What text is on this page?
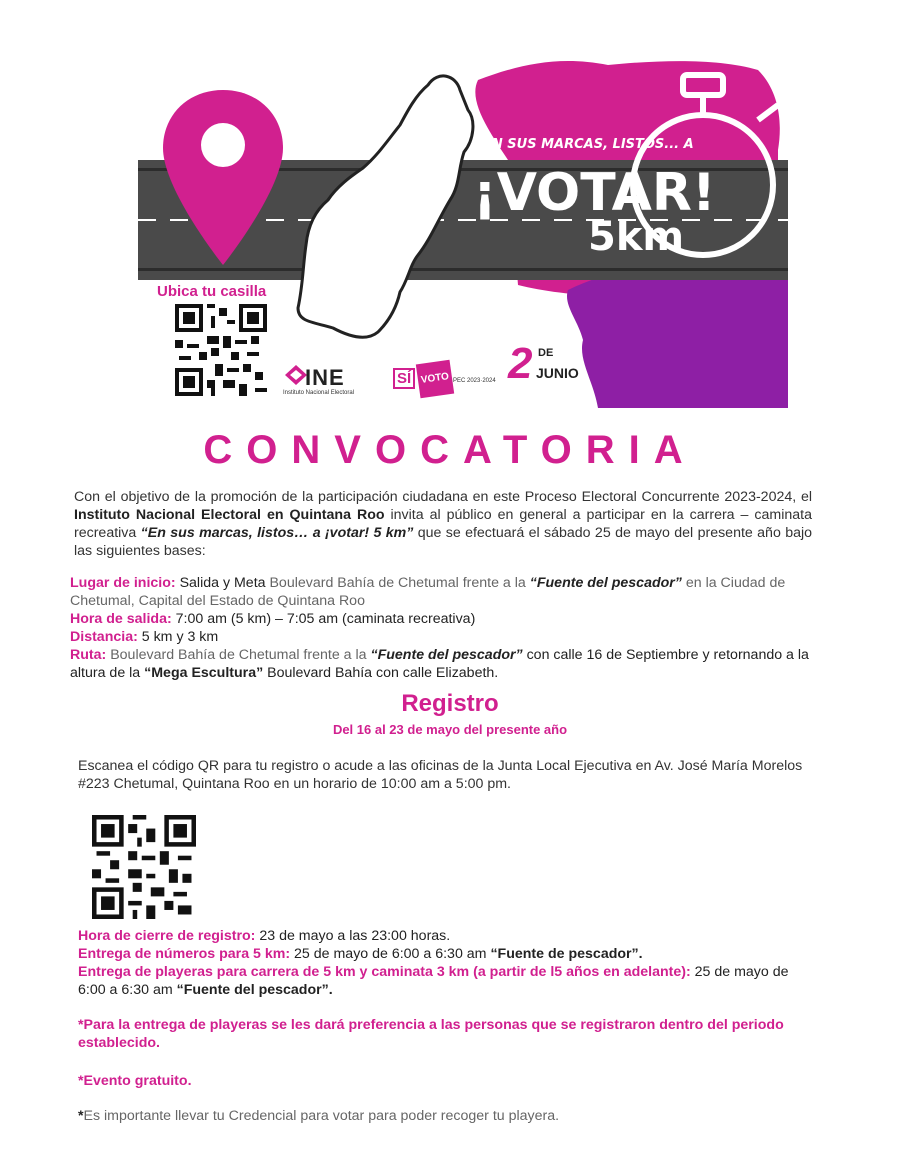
EN SUS MARCAS, LISTOS... A
¡VOTAR!
5km
Ubica tu casilla
INE
Instituto Nacional Electoral
SÍ VOTO PEC 2023·2024 2 DE
JUNIO
CONVOCATORIA
Con el objetivo de la promoción de la participación ciudadana en este Proceso Electoral Concurrente 2023-2024, el Instituto Nacional Electoral en Quintana Roo invita al público en general a participar en la carrera – caminata recreativa “En sus marcas, listos… a ¡votar! 5 km” que se efectuará el sábado 25 de mayo del presente año bajo las siguientes bases:
Lugar de inicio: Salida y Meta Boulevard Bahía de Chetumal frente a la “Fuente del pescador” en la Ciudad de Chetumal, Capital del Estado de Quintana Roo
Hora de salida: 7:00 am (5 km) – 7:05 am (caminata recreativa)
Distancia: 5 km y 3 km
Ruta: Boulevard Bahía de Chetumal frente a la “Fuente del pescador” con calle 16 de Septiembre y retornando a la altura de la “Mega Escultura” Boulevard Bahía con calle Elizabeth.
Registro
Del 16 al 23 de mayo del presente año
Escanea el código QR para tu registro o acude a las oficinas de la Junta Local Ejecutiva en Av. José María Morelos #223 Chetumal, Quintana Roo en un horario de 10:00 am a 5:00 pm.
Hora de cierre de registro: 23 de mayo a las 23:00 horas.
Entrega de números para 5 km: 25 de mayo de 6:00 a 6:30 am “Fuente de pescador”.
Entrega de playeras para carrera de 5 km y caminata 3 km (a partir de l5 años en adelante): 25 de mayo de 6:00 a 6:30 am “Fuente del pescador”.
*Para la entrega de playeras se les dará preferencia a las personas que se registraron dentro del periodo establecido.
*Evento gratuito.
*Es importante llevar tu Credencial para votar para poder recoger tu playera.
